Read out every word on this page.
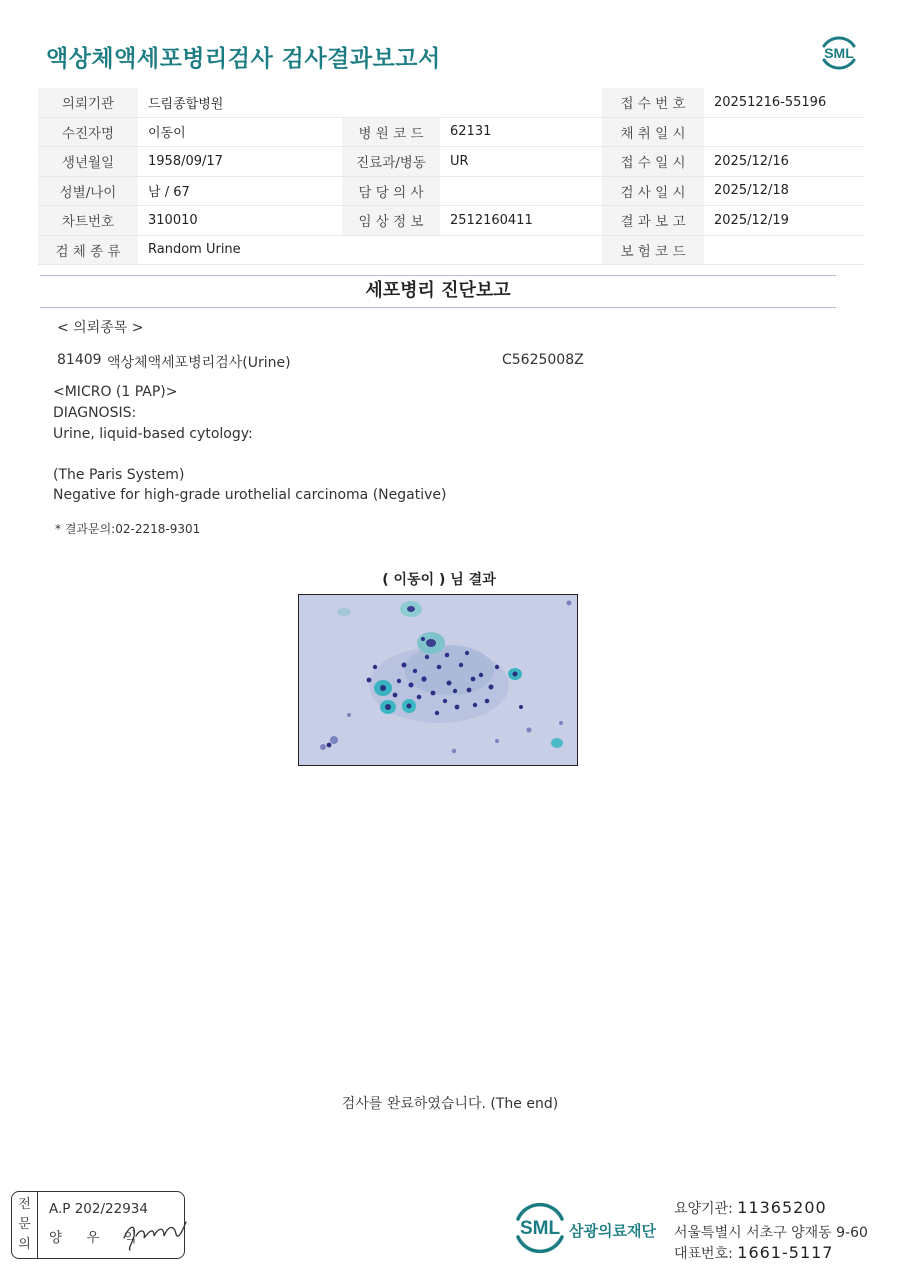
액상체액세포병리검사 검사결과보고서	SML
의뢰기관	드림종합병원			접 수 번 호	20251216-55196
수진자명	이동이	병 원 코 드	62131	채 취 일 시	
생년월일	1958/09/17	진료과/병동	UR	접 수 일 시	2025/12/16
성별/나이	남 / 67	담 당 의 사		검 사 일 시	2025/12/18
차트번호	310010	임 상 정 보	2512160411	결 과 보 고	2025/12/19
검 체 종 류	Random Urine			보 험 코 드	
세포병리 진단보고
< 의뢰종목 >
81409 액상체액세포병리검사(Urine)	C5625008Z
<MICRO (1 PAP)>
DIAGNOSIS:
Urine, liquid-based cytology:
(The Paris System)
Negative for high-grade urothelial carcinoma (Negative)
* 결과문의:02-2218-9301
( 이동이 ) 님 결과
검사를 완료하였습니다. (The end)
전
문
의
A.P 202/22934
양 우 익	SML 삼광의료재단
요양기관: 11365200
서울특별시 서초구 양재동 9-60
대표번호: 1661-5117
